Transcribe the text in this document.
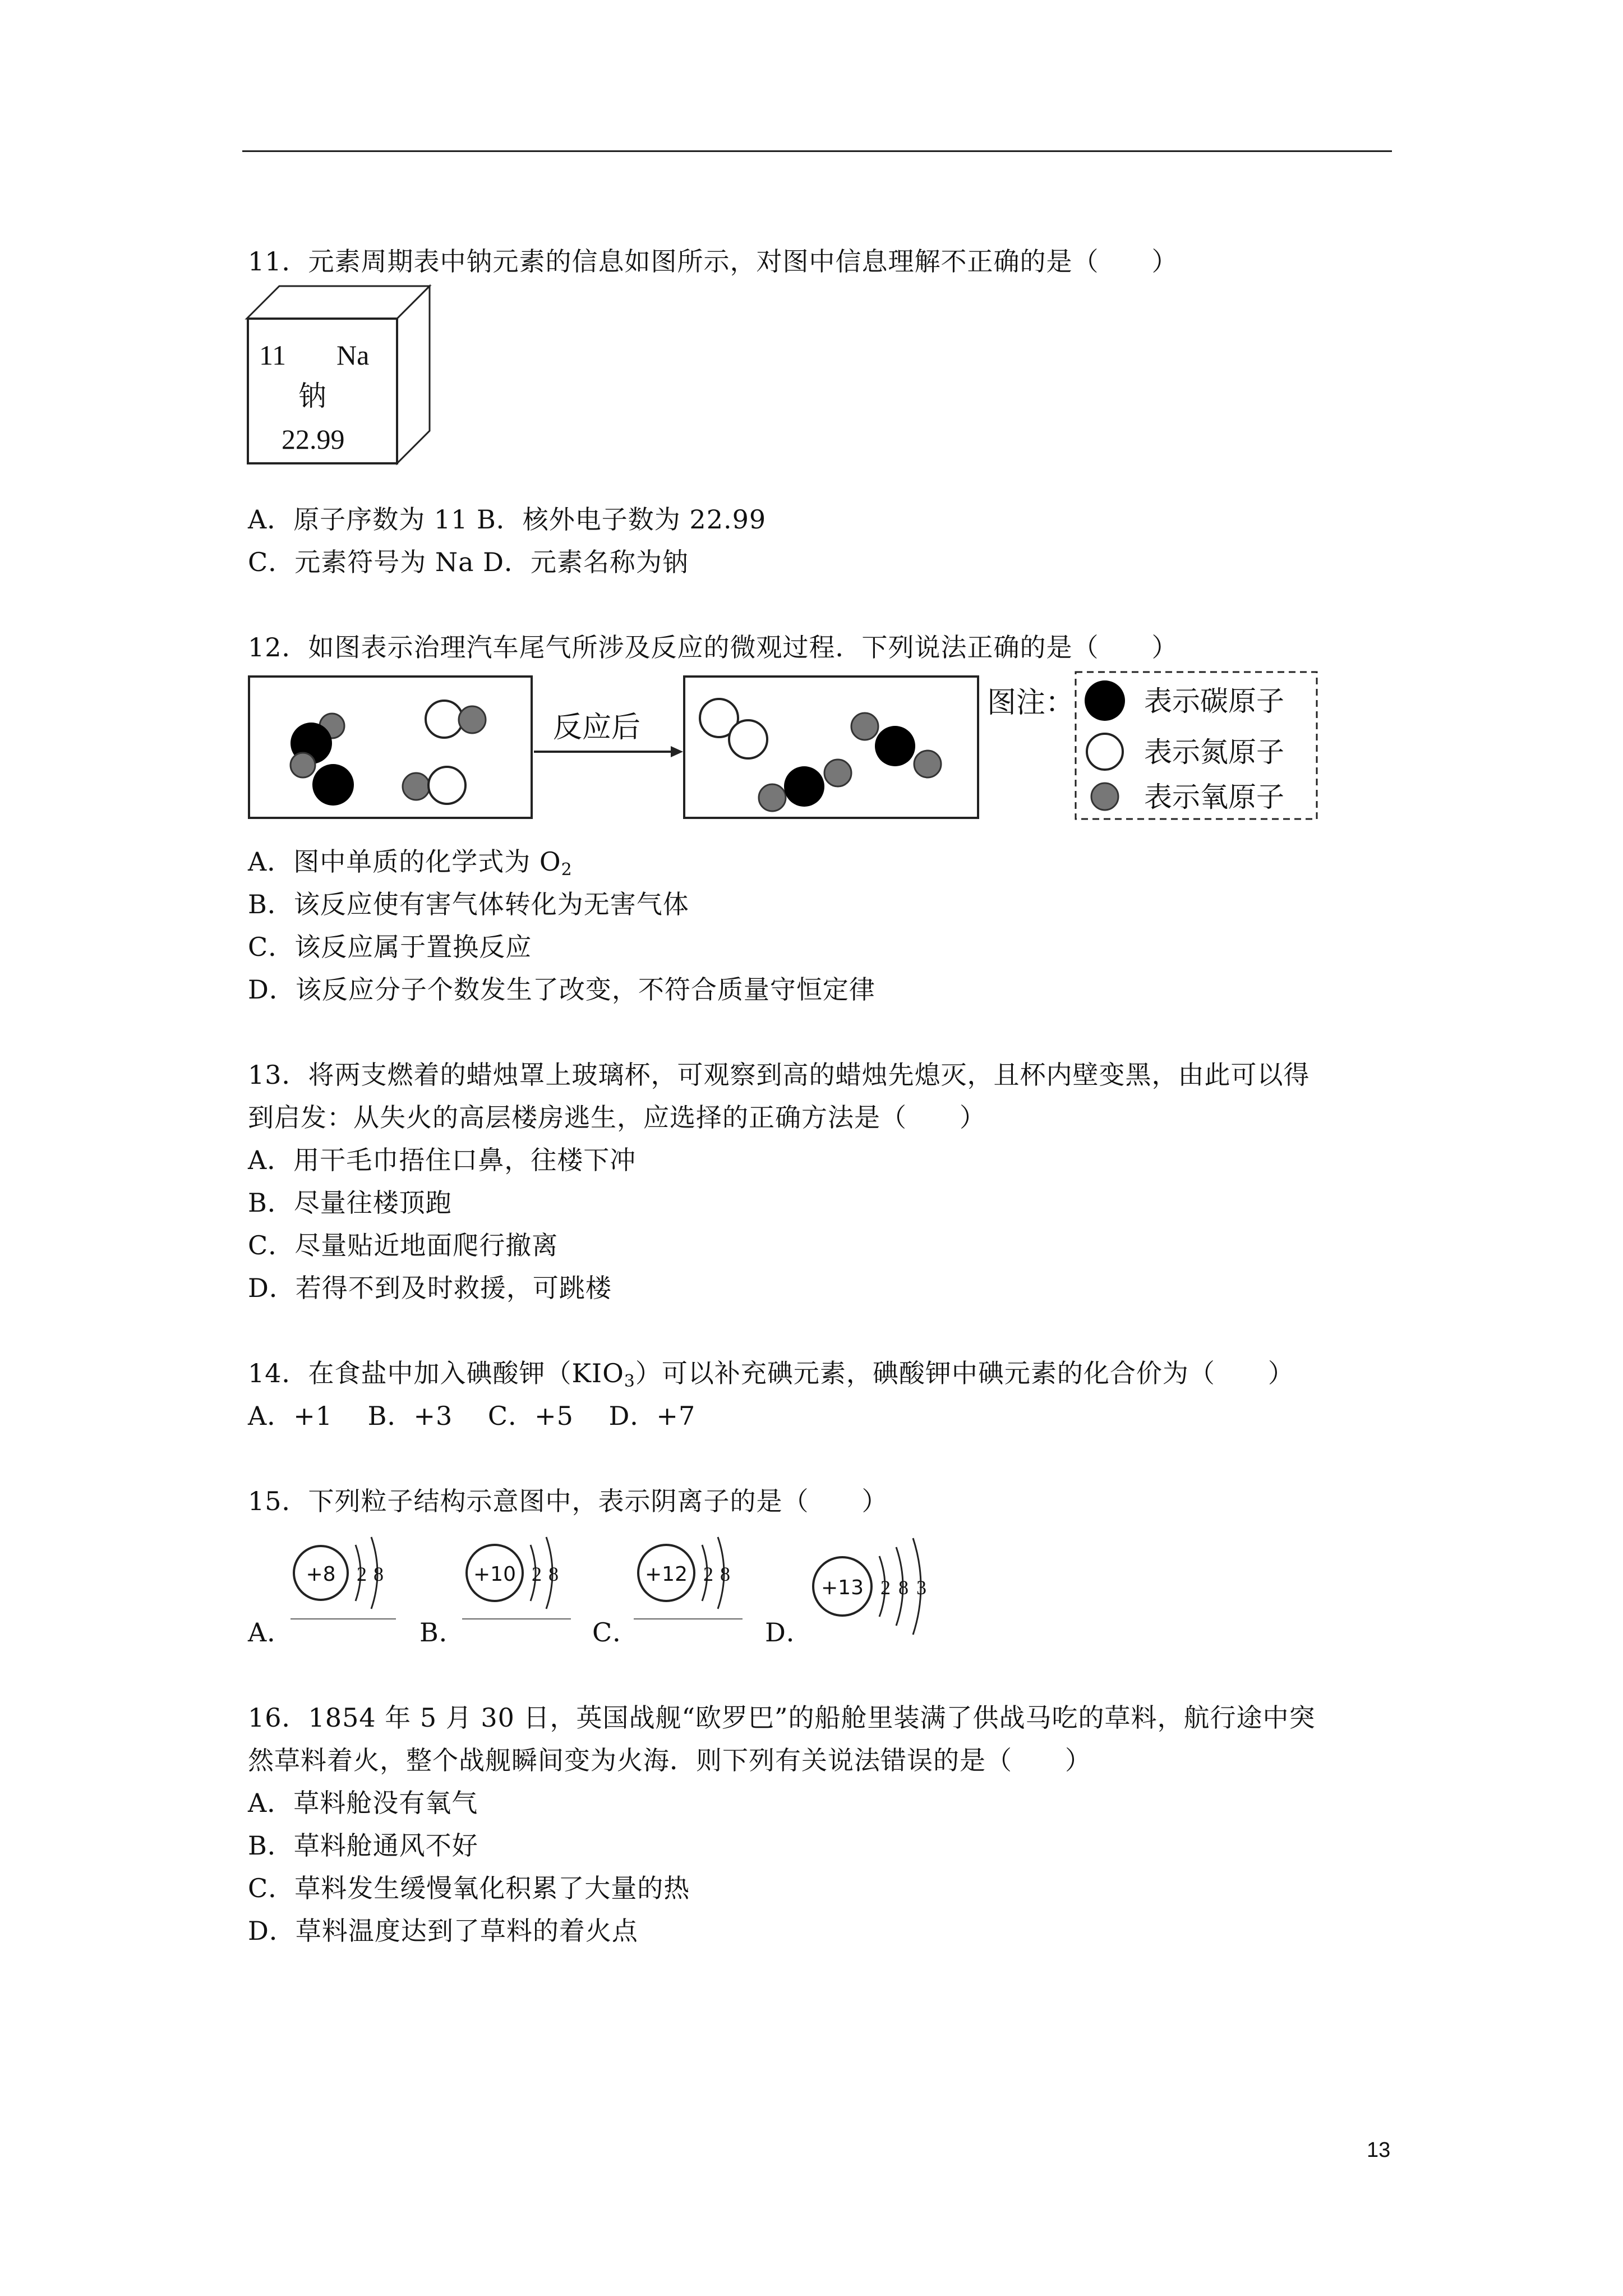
11．元素周期表中钠元素的信息如图所示，对图中信息理解不正确的是（　　）
11 Na
钠
22.99
A．原子序数为 11 B．核外电子数为 22.99
C．元素符号为 Na D．元素名称为钠
12．如图表示治理汽车尾气所涉及反应的微观过程．下列说法正确的是（　　）
反应后
图注： 表示碳原子
表示氮原子
表示氧原子
A．图中单质的化学式为 $O_2$
B．该反应使有害气体转化为无害气体
C．该反应属于置换反应
D．该反应分子个数发生了改变，不符合质量守恒定律
13．将两支燃着的蜡烛罩上玻璃杯，可观察到高的蜡烛先熄灭，且杯内壁变黑，由此可以得
到启发：从失火的高层楼房逃生，应选择的正确方法是（　　）
A．用干毛巾捂住口鼻，往楼下冲
B．尽量往楼顶跑
C．尽量贴近地面爬行撤离
D．若得不到及时救援，可跳楼
14．在食盐中加入碘酸钾$(KIO_3)$可以补充碘元素，碘酸钾中碘元素的化合价为（　　）
A．+1　 B．+3　 C．+5　 D．+7
15．下列粒子结构示意图中，表示阴离子的是（　　）
A．
+8 2 8
B．
+10 2 8
C．
+12 2 8
D．
+13 2 8 3
16．1854 年 5 月 30 日，英国战舰“欧罗巴”的船舱里装满了供战马吃的草料，航行途中突
然草料着火，整个战舰瞬间变为火海．则下列有关说法错误的是（　　）
A．草料舱没有氧气
B．草料舱通风不好
C．草料发生缓慢氧化积累了大量的热
D．草料温度达到了草料的着火点
13
